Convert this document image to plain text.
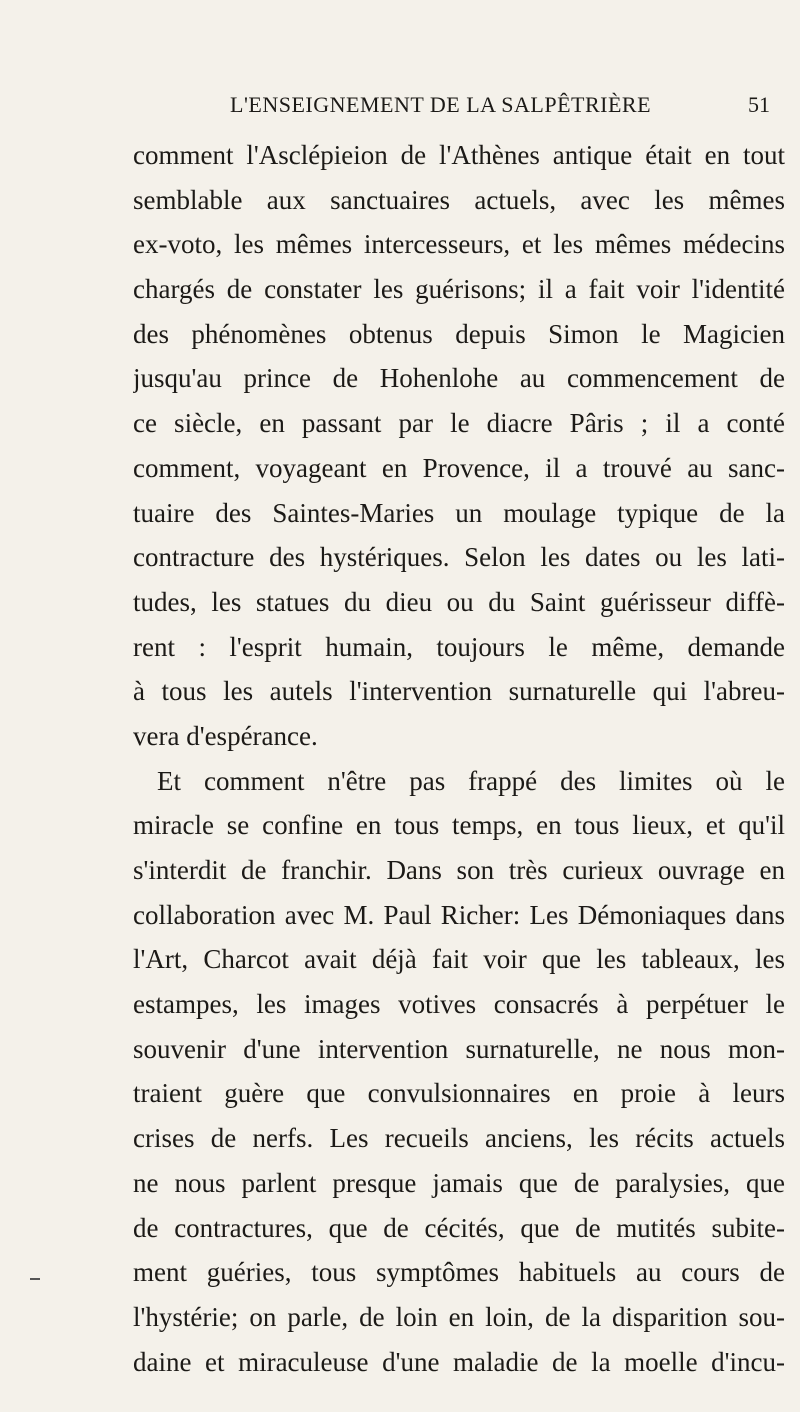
L'ENSEIGNEMENT DE LA SALPÊTRIÈRE	51
comment l'Asclépieion de l'Athènes antique était en tout
semblable aux sanctuaires actuels, avec les mêmes
ex-voto, les mêmes intercesseurs, et les mêmes médecins
chargés de constater les guérisons; il a fait voir l'identité
des phénomènes obtenus depuis Simon le Magicien
jusqu'au prince de Hohenlohe au commencement de
ce siècle, en passant par le diacre Pâris ; il a conté
comment, voyageant en Provence, il a trouvé au sanc-
tuaire des Saintes-Maries un moulage typique de la
contracture des hystériques. Selon les dates ou les lati-
tudes, les statues du dieu ou du Saint guérisseur diffè-
rent : l'esprit humain, toujours le même, demande
à tous les autels l'intervention surnaturelle qui l'abreu-
vera d'espérance.
Et comment n'être pas frappé des limites où le
miracle se confine en tous temps, en tous lieux, et qu'il
s'interdit de franchir. Dans son très curieux ouvrage en
collaboration avec M. Paul Richer: Les Démoniaques dans
l'Art, Charcot avait déjà fait voir que les tableaux, les
estampes, les images votives consacrés à perpétuer le
souvenir d'une intervention surnaturelle, ne nous mon-
traient guère que convulsionnaires en proie à leurs
crises de nerfs. Les recueils anciens, les récits actuels
ne nous parlent presque jamais que de paralysies, que
de contractures, que de cécités, que de mutités subite-
ment guéries, tous symptômes habituels au cours de
l'hystérie; on parle, de loin en loin, de la disparition sou-
daine et miraculeuse d'une maladie de la moelle d'incu-
